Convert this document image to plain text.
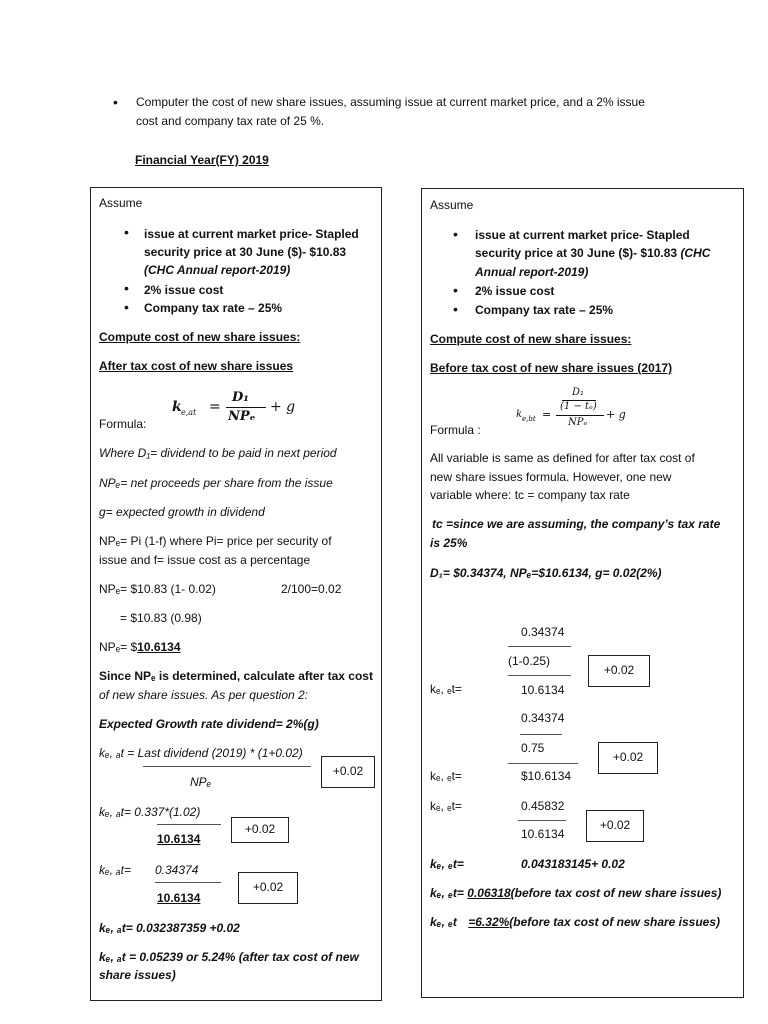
• Computer the cost of new share issues, assuming issue at current market price, and a 2% issue
cost and company tax rate of 25 %.
Financial Year(FY) 2019
Assume
• issue at current market price- Stapled
security price at 30 June ($)- $10.83
(CHC Annual report-2019)
• 2% issue cost
• Company tax rate – 25%
Compute cost of new share issues:
After tax cost of new share issues
k e,at =
D₁
NPₑ
+ g
Formula:
Where D₁= dividend to be paid in next period
NPₑ= net proceeds per share from the issue
g= expected growth in dividend
NPₑ= Pi (1-f) where Pi= price per security of
issue and f= issue cost as a percentage
NPₑ= $10.83 (1- 0.02)	2/100=0.02
= $10.83 (0.98)
NPₑ= $10.6134
Since NPₑ is determined, calculate after tax cost
of new share issues. As per question 2:
Expected Growth rate dividend= 2%(g)
kₑ, ₐt = Last dividend (2019) * (1+0.02)
NPₑ
+0.02
kₑ, ₐt= 0.337*(1.02)
10.6134
+0.02
kₑ, ₐt= 0.34374
10.6134
+0.02
kₑ, ₐt= 0.032387359 +0.02
kₑ, ₐt = 0.05239 or 5.24% (after tax cost of new
share issues)
Assume
• issue at current market price- Stapled
security price at 30 June ($)- $10.83 (CHC
Annual report-2019)
• 2% issue cost
• Company tax rate – 25%
Compute cost of new share issues:
Before tax cost of new share issues (2017)
k e,bt =
D₁
(1 − tₑ)
NPₑ
+ g
Formula :
All variable is same as defined for after tax cost of
new share issues formula. However, one new
variable where: tc = company tax rate
tc =since we are assuming, the company’s tax rate
is 25%
D₁= $0.34374, NPₑ=$10.6134, g= 0.02(2%)
0.34374
(1-0.25)
+0.02
kₑ, ₑt=	10.6134
0.34374
0.75
+0.02
kₑ, ₑt=	$10.6134
kₑ, ₑt=	0.45832
+0.02
10.6134
kₑ, ₑt=	0.043183145+ 0.02
kₑ, ₑt= 0.06318(before tax cost of new share issues)
kₑ, ₑt =6.32%(before tax cost of new share issues)
